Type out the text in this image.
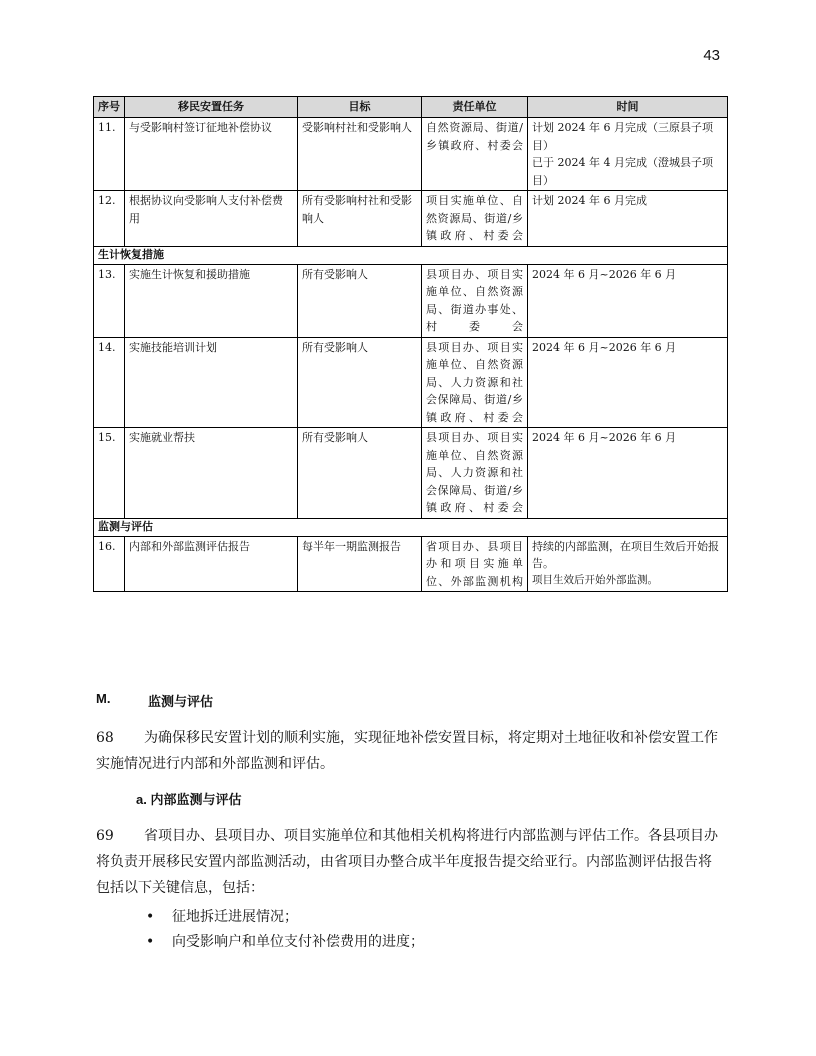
43
序号	移民安置任务	目标	责任单位	时间
11.	与受影响村签订征地补偿协议	受影响村社和受影响人	自然资源局、街道/乡镇政府、村委会	计划 2024 年 6 月完成（三原县子项目）
已于 2024 年 4 月完成（澄城县子项目）

12.	根据协议向受影响人支付补偿费用	所有受影响村社和受影响人	项目实施单位、自然资源局、街道/乡镇政府、村委会	计划 2024 年 6 月完成

生计恢复措施				
13.	实施生计恢复和援助措施	所有受影响人	县项目办、项目实施单位、自然资源局、街道办事处、村委会	2024 年 6 月~2026 年 6 月

14.	实施技能培训计划	所有受影响人	县项目办、项目实施单位、自然资源局、人力资源和社会保障局、街道/乡镇政府、村委会	2024 年 6 月~2026 年 6 月

15.	实施就业帮扶	所有受影响人	县项目办、项目实施单位、自然资源局、人力资源和社会保障局、街道/乡镇政府、村委会	2024 年 6 月~2026 年 6 月

监测与评估				
16.	内部和外部监测评估报告	每半年一期监测报告	省项目办、县项目办和项目实施单位、外部监测机构	持续的内部监测，在项目生效后开始报告。
项目生效后开始外部监测。
M.	监测与评估
68 为确保移民安置计划的顺利实施，实现征地补偿安置目标，将定期对土地征收和补偿安置工作实施情况进行内部和外部监测和评估。
a. 内部监测与评估
69 省项目办、县项目办、项目实施单位和其他相关机构将进行内部监测与评估工作。各县项目办将负责开展移民安置内部监测活动，由省项目办整合成半年度报告提交给亚行。内部监测评估报告将包括以下关键信息，包括：
• 征地拆迁进展情况；
• 向受影响户和单位支付补偿费用的进度；
